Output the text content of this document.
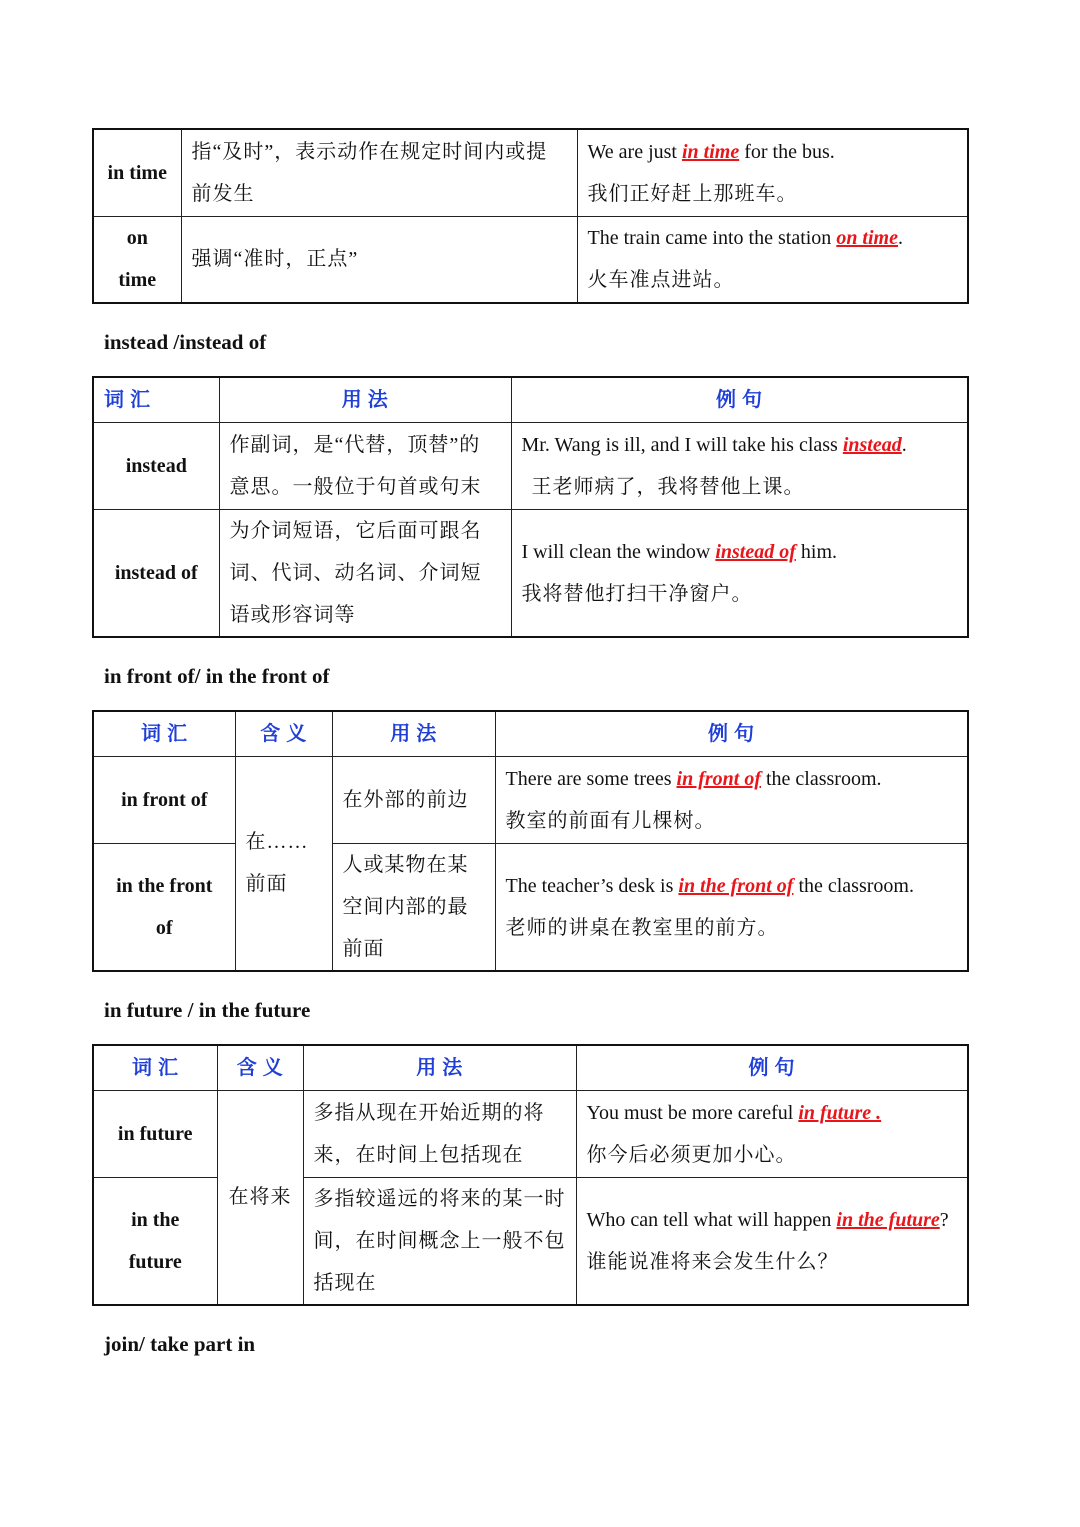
in time	指“及时”，表示动作在规定时间内或提前发生	We are just in time for the bus.
我们正好赶上那班车。
on
time	强调“准时，正点”	The train came into the station on time.
火车准点进站。

instead /instead of

词 汇	用 法	例 句
instead	作副词，是“代替，顶替”的意思。一般位于句首或句末	Mr. Wang is ill, and I will take his class instead.
王老师病了，我将替他上课。
instead of	为介词短语，它后面可跟名词、代词、动名词、介词短语或形容词等	I will clean the window instead of him.
我将替他打扫干净窗户。

in front of/ in the front of

词 汇	含 义	用 法	例 句
in front of	在……前面	在外部的前边	There are some trees in front of the classroom.
教室的前面有儿棵树。
in the front
of		人或某物在某空间内部的最前面	The teacher’s desk is in the front of the classroom.
老师的讲桌在教室里的前方。

in future / in the future

词 汇	含 义	用 法	例 句
in future	在将来	多指从现在开始近期的将来，在时间上包括现在	You must be more careful in future .
你今后必须更加小心。
in the
future		多指较遥远的将来的某一时间，在时间概念上一般不包括现在	Who can tell what will happen in the future?
谁能说准将来会发生什么？

join/ take part in
